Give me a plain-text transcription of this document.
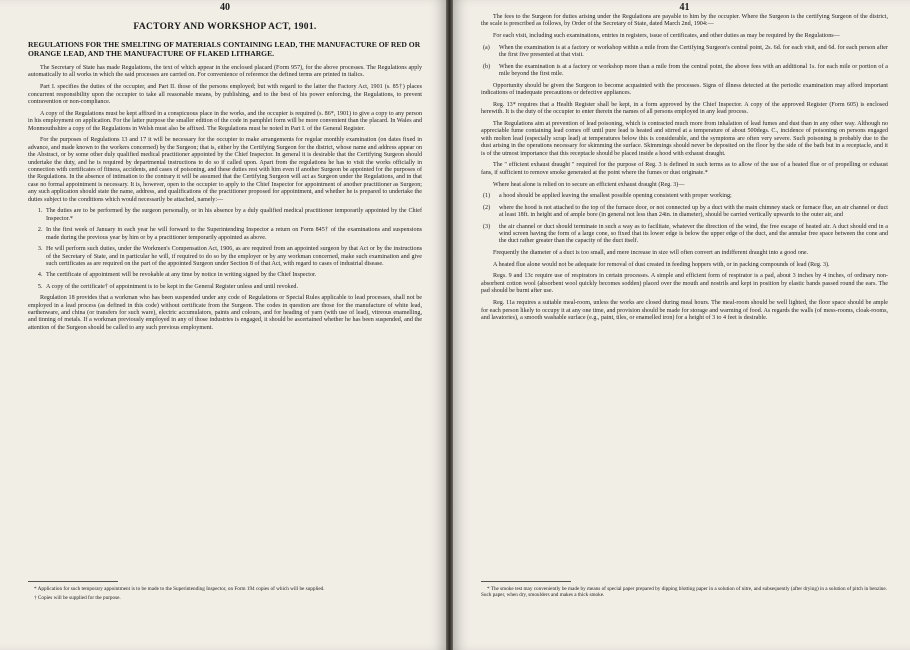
40
FACTORY AND WORKSHOP ACT, 1901.
REGULATIONS FOR THE SMELTING OF MATERIALS CONTAINING LEAD, THE MANUFACTURE OF RED OR ORANGE LEAD, AND THE MANUFACTURE OF FLAKED LITHARGE.

The Secretary of State has made Regulations, the text of which appear in the enclosed placard (Form 957), for the above processes. The Regulations apply automatically to all works in which the said processes are carried on. For convenience of reference the defined terms are printed in italics.

Part I. specifies the duties of the occupier, and Part II. those of the persons employed; but with regard to the latter the Factory Act, 1901 (s. 85†) places concurrent responsibility upon the occupier to take all reasonable means, by publishing, and to the best of his power enforcing, the Regulations, to prevent contravention or non-compliance.

A copy of the Regulations must be kept affixed in a conspicuous place in the works, and the occupier is required (s. 86*, 1901) to give a copy to any person in his employment on application. For the latter purpose the smaller edition of the code in pamphlet form will be more convenient than the placard. In Wales and Monmouthshire a copy of the Regulations in Welsh must also be affixed. The Regulations must be noted in Part I. of the General Register.

For the purposes of Regulations 13 and 17 it will be necessary for the occupier to make arrangements for regular monthly examination (on dates fixed in advance, and made known to the workers concerned) by the Surgeon; that is, either by the Certifying Surgeon for the district, whose name and address appear on the Abstract, or by some other duly qualified medical practitioner appointed by the Chief Inspector. In general it is desirable that the Certifying Surgeon should undertake the duty, and he is required by departmental instructions to do so if called upon. Apart from the regulations he has to visit the works officially in connection with certificates of fitness, accidents, and cases of poisoning, and these duties rest with him even if another Surgeon be appointed for the purposes of the Regulations. In the absence of intimation to the contrary it will be assumed that the Certifying Surgeon will act as Surgeon under the Regulations, and in that case no formal appointment is necessary. It is, however, open to the occupier to apply to the Chief Inspector for appointment of another practitioner as Surgeon; any such application should state the name, address, and qualifications of the practitioner proposed for appointment, and whether he is prepared to undertake the duties subject to the conditions which would necessarily be attached, namely:—

1. The duties are to be performed by the surgeon personally, or in his absence by a duly qualified medical practitioner temporarily appointed by the Chief Inspector.*
2. In the first week of January in each year he will forward to the Superintending Inspector a return on Form 845† of the examinations and suspensions made during the previous year by him or by a practitioner temporarily appointed as above.
3. He will perform such duties, under the Workmen's Compensation Act, 1906, as are required from an appointed surgeon by that Act or by the instructions of the Secretary of State, and in particular he will, if required to do so by the employer or by any workman concerned, make such examination and give such certificates as are required on the part of the appointed Surgeon under Section 8 of that Act, with regard to cases of industrial disease.
4. The certificate of appointment will be revokable at any time by notice in writing signed by the Chief Inspector.
5. A copy of the certificate† of appointment is to be kept in the General Register unless and until revoked.

Regulation 18 provides that a workman who has been suspended under any code of Regulations or Special Rules applicable to lead processes, shall not be employed in a lead process (as defined in this code) without certificate from the Surgeon. The codes in question are those for the manufacture of white lead, earthenware, and china (or transfers for such ware), electric accumulators, paints and colours, and for heading of yarn (with use of lead), vitreous enamelling, and tinning of metals. If a workman previously employed in any of those industries is engaged, it should be ascertained whether he has been suspended, and the attention of the Surgeon should be called to any such previous employment.

* Application for such temporary appointment is to be made to the Superintending Inspector, on Form 194 copies of which will be supplied.
† Copies will be supplied for the purpose.
41

The fees to the Surgeon for duties arising under the Regulations are payable to him by the occupier. Where the Surgeon is the certifying Surgeon of the district, the scale is prescribed as follows, by Order of the Secretary of State, dated March 2nd, 1904:—

For each visit, including such examinations, entries in registers, issue of certificates, and other duties as may be required by the Regulations—

(a) When the examination is at a factory or workshop within a mile from the Certifying Surgeon's central point, 2s. 6d. for each visit, and 6d. for each person after the first five presented at that visit.
(b) When the examination is at a factory or workshop more than a mile from the central point, the above fees with an additional 1s. for each mile or portion of a mile beyond the first mile.

Opportunity should be given the Surgeon to become acquainted with the processes. Signs of illness detected at the periodic examination may afford important indications of inadequate precautions or defective appliances.

Reg. 13* requires that a Health Register shall be kept, in a form approved by the Chief Inspector. A copy of the approved Register (Form 605) is enclosed herewith. It is the duty of the occupier to enter therein the names of all persons employed in any lead process.

The Regulations aim at prevention of lead poisoning, which is contracted much more from inhalation of lead fumes and dust than in any other way. Although no appreciable fume containing lead comes off until pure lead is heated and stirred at a temperature of about 500degs. C., incidence of poisoning on persons engaged with molten lead (especially scrap lead) at temperatures below this is considerable, and the symptoms are often very severe. Such poisoning is probably due to the dust arising in the operations necessary for skimming the surface. Skimmings should never be deposited on the floor by the side of the bath but in a receptacle, and it is of the utmost importance that this receptacle should be placed inside a hood with exhaust draught.

The " efficient exhaust draught " required for the purpose of Reg. 3 is defined in such terms as to allow of the use of a heated flue or of propelling or exhaust fans, if sufficient to remove smoke generated at the point where the fumes or dust originate.*

Where heat alone is relied on to secure an efficient exhaust draught (Reg. 3)—

(1) a hood should be applied leaving the smallest possible opening consistent with proper working;
(2) where the hood is not attached to the top of the furnace door, or not connected up by a duct with the main chimney stack or furnace flue, an air channel or duct at least 18ft. in height and of ample bore (in general not less than 24in. in diameter), should be carried vertically upwards to the outer air, and
(3) the air channel or duct should terminate in such a way as to facilitate, whatever the direction of the wind, the free escape of heated air. A duct should end in a wind screen having the form of a large cone, so fixed that its lower edge is below the upper edge of the duct, and the annular free space between the cone and the duct rather greater than the capacity of the duct itself.

Frequently the diameter of a duct is too small, and mere increase in size will often convert an indifferent draught into a good one.

A heated flue alone would not be adequate for removal of dust created in feeding hoppers with, or in packing compounds of lead (Reg. 3).

Regs. 9 and 13c require use of respirators in certain processes. A simple and efficient form of respirator is a pad, about 3 inches by 4 inches, of ordinary non-absorbent cotton wool (absorbent wool quickly becomes sodden) placed over the mouth and nostrils and kept in position by elastic bands passed round the ears. The pad should be burnt after use.

Reg. 11a requires a suitable meal-room, unless the works are closed during meal hours. The meal-room should be well lighted, the floor space should be ample for each person likely to occupy it at any one time, and provision should be made for storage and warming of food. As regards the walls (of mess-rooms, cloak-rooms, and lavatories), a smooth washable surface (e.g., paint, tiles, or enamelled iron) for a height of 3 to 4 feet is desirable.

* The smoke test may conveniently be made by means of special paper prepared by dipping blotting paper in a solution of nitre, and subsequently (after drying) in a solution of pitch in benzine. Such paper, when dry, smoulders and makes a thick smoke.
